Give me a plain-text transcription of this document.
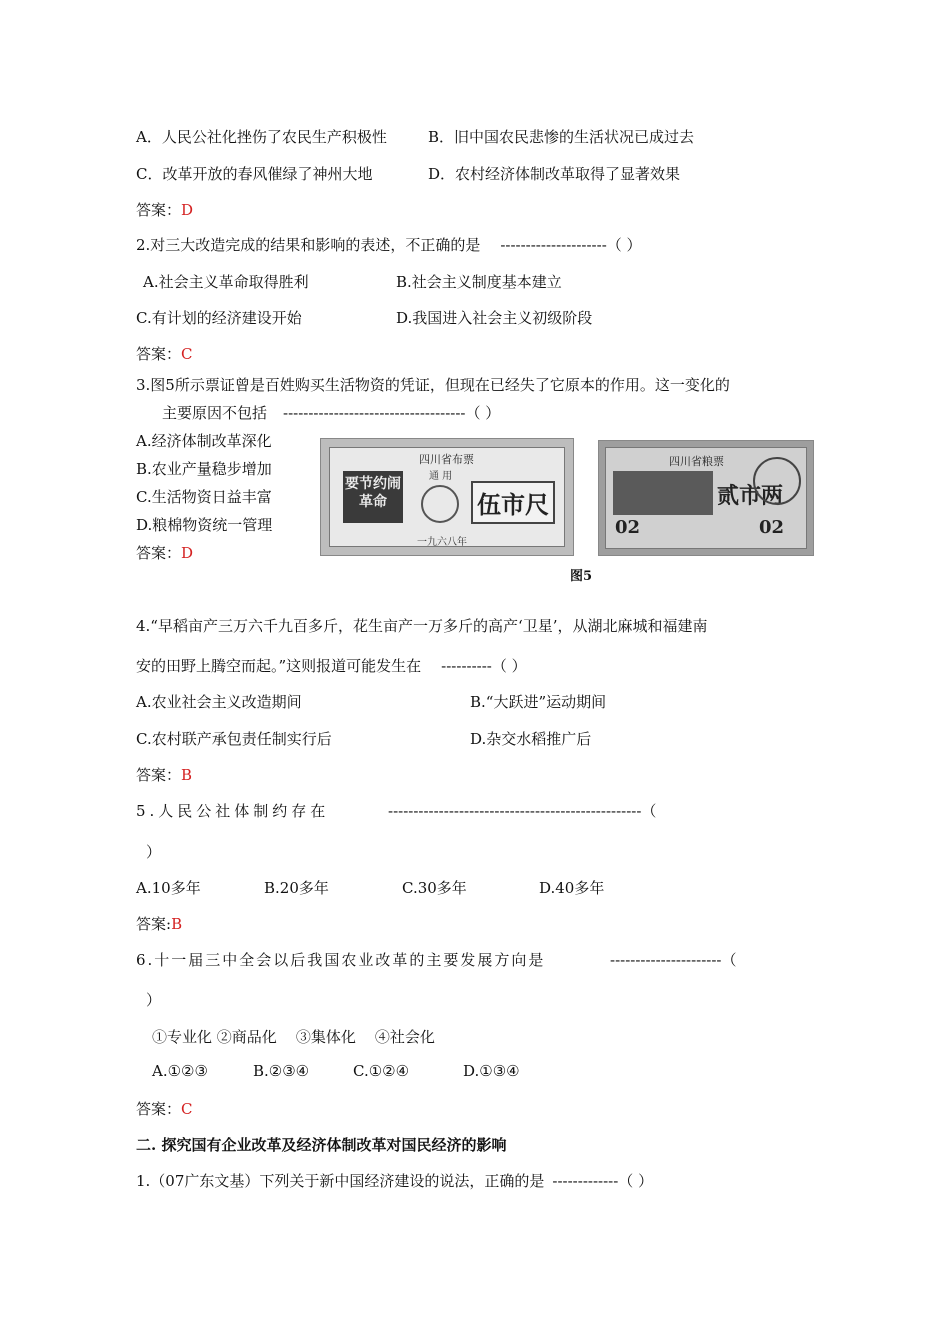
A．人民公社化挫伤了农民生产积极性	B．旧中国农民悲惨的生活状况已成过去
C．改革开放的春风催绿了神州大地	D．农村经济体制改革取得了显著效果
答案：D
2.对三大改造完成的结果和影响的表述，不正确的是 ---------------------（ ）
A.社会主义革命取得胜利	B.社会主义制度基本建立
C.有计划的经济建设开始	D.我国进入社会主义初级阶段
答案：C
3.图5所示票证曾是百姓购买生活物资的凭证，但现在已经失了它原本的作用。这一变化的
主要原因不包括 ------------------------------------（ ）
A.经济体制改革深化
B.农业产量稳步增加
C.生活物资日益丰富
D.粮棉物资统一管理
答案：D
四川省布票
通 用
要节约闹革命	伍市尺
一九六八年
四川省粮票
贰市两
02	02
图5
4.“早稻亩产三万六千九百多斤，花生亩产一万多斤的高产‘卫星’，从湖北麻城和福建南
安的田野上腾空而起。”这则报道可能发生在 ----------（ ）
A.农业社会主义改造期间	B.“大跃进”运动期间
C.农村联产承包责任制实行后	D.杂交水稻推广后
答案：B
5.人民公社体制约存在	--------------------------------------------------（
）
A.10多年	B.20多年	C.30多年	D.40多年
答案:B
6.十一届三中全会以后我国农业改革的主要发展方向是	----------------------（
）
①专业化 ②商品化    ③集体化    ④社会化
A.①②③	B.②③④	C.①②④	D.①③④
答案：C
二. 探究国有企业改革及经济体制改革对国民经济的影响
1.（07广东文基）下列关于新中国经济建设的说法，正确的是 -------------（ ）
